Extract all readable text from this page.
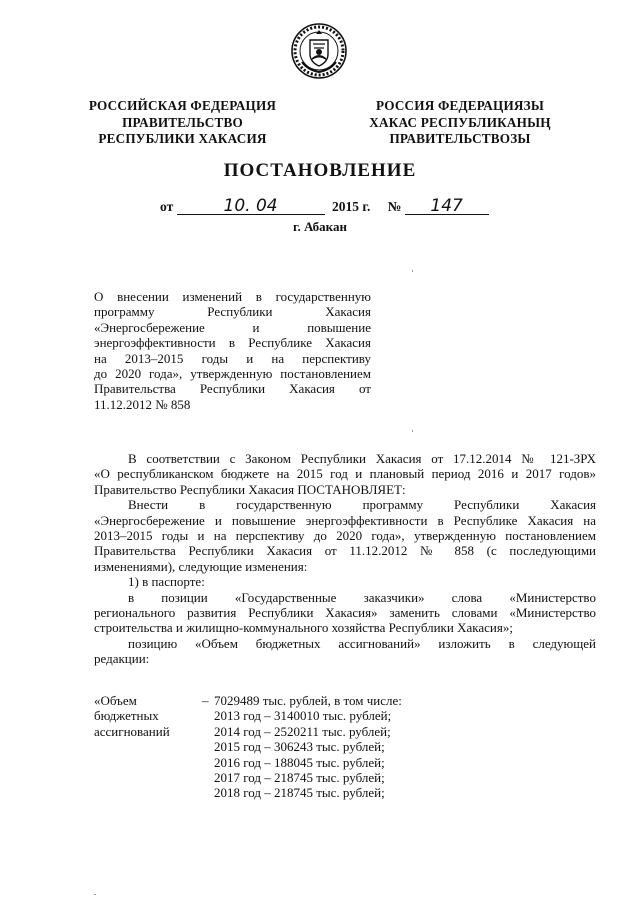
РОССИЙСКАЯ ФЕДЕРАЦИЯ
ПРАВИТЕЛЬСТВО
РЕСПУБЛИКИ ХАКАСИЯ
РОССИЯ ФЕДЕРАЦИЯЗЫ
ХАКАС РЕСПУБЛИКАНЫҢ
ПРАВИТЕЛЬСТВОЗЫ
ПОСТАНОВЛЕНИЕ
от	10. 04	2015 г. № 147
г. Абакан
О внесении изменений в государственную
программу Республики Хакасия
«Энергосбережение и повышение
энергоэффективности в Республике Хакасия
на 2013–2015 годы и на перспективу
до 2020 года», утвержденную постановлением
Правительства Республики Хакасия от
11.12.2012 № 858

В соответствии с Законом Республики Хакасия от 17.12.2014 № 121-ЗРХ

«О республиканском бюджете на 2015 год и плановый период 2016 и 2017 годов»

Правительство Республики Хакасия ПОСТАНОВЛЯЕТ:

Внести в государственную программу Республики Хакасия

«Энергосбережение и повышение энергоэффективности в Республике Хакасия на

2013–2015 годы и на перспективу до 2020 года», утвержденную постановлением

Правительства Республики Хакасия от 11.12.2012 № 858 (с последующими

изменениями), следующие изменения:

1) в паспорте:

в позиции «Государственные заказчики» слова «Министерство

регионального развития Республики Хакасия» заменить словами «Министерство

строительства и жилищно-коммунального хозяйства Республики Хакасия»;

позицию «Объем бюджетных ассигнований» изложить в следующей

редакции:

«Объем
бюджетных
ассигнований
– 7029489 тыс. рублей, в том числе:
2013 год – 3140010 тыс. рублей;
2014 год – 2520211 тыс. рублей;
2015 год – 306243 тыс. рублей;
2016 год – 188045 тыс. рублей;
2017 год – 218745 тыс. рублей;
2018 год – 218745 тыс. рублей;
